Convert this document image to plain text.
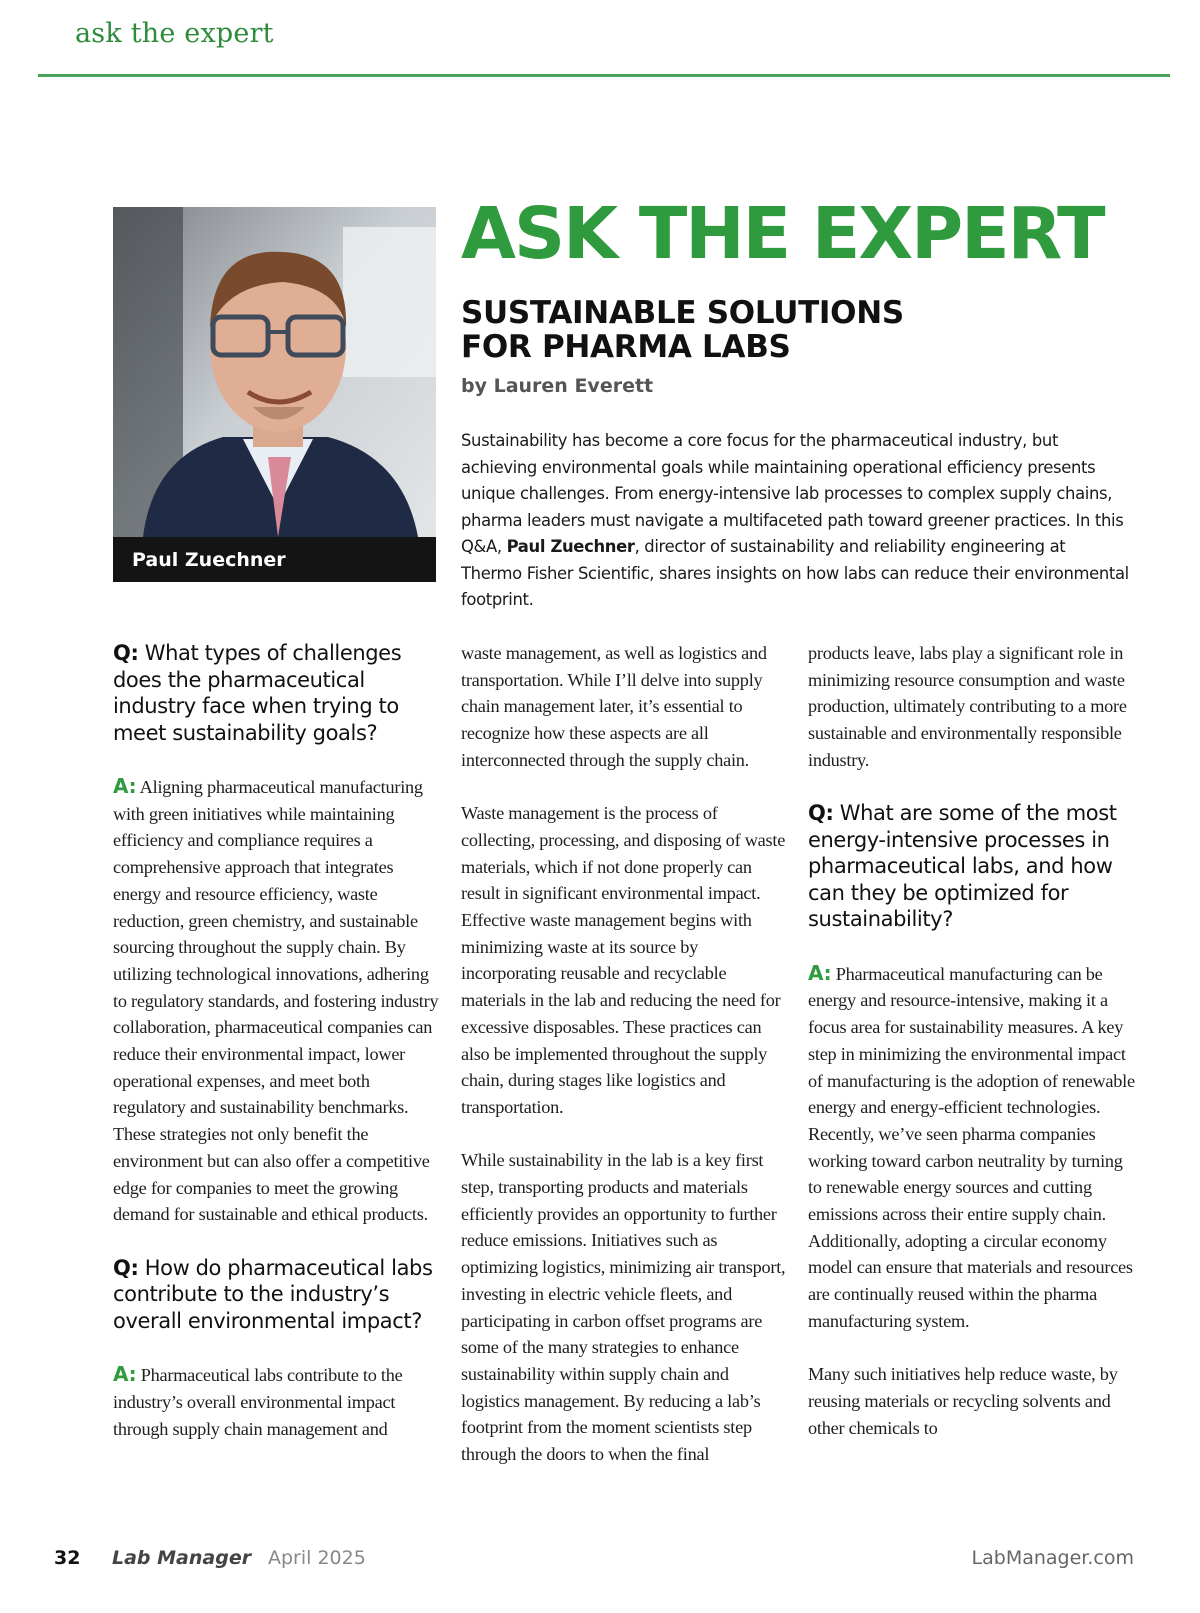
ask the expert
Paul Zuechner
ASK THE EXPERT
SUSTAINABLE SOLUTIONS
FOR PHARMA LABS
by Lauren Everett
Sustainability has become a core focus for the pharmaceutical industry, but achieving environmental goals while maintaining operational efficiency presents unique challenges. From energy-intensive lab processes to complex supply chains, pharma leaders must navigate a multifaceted path toward greener practices. In this Q&A, Paul Zuechner, director of sustainability and reliability engineering at Thermo Fisher Scientific, shares insights on how labs can reduce their environmental footprint.
Q: What types of challenges does the pharmaceutical industry face when trying to meet sustainability goals?

A: Aligning pharmaceutical manufacturing with green initiatives while maintaining efficiency and compliance requires a comprehensive approach that integrates energy and resource efficiency, waste reduction, green chemistry, and sustainable sourcing throughout the supply chain. By utilizing technological innovations, adhering to regulatory standards, and fostering industry collaboration, pharmaceutical companies can reduce their environmental impact, lower operational expenses, and meet both regulatory and sustainability benchmarks. These strategies not only benefit the environment but can also offer a competitive edge for companies to meet the growing demand for sustainable and ethical products.

Q: How do pharmaceutical labs contribute to the industry’s overall environmental impact?

A: Pharmaceutical labs contribute to the industry’s overall environmental impact through supply chain management and

waste management, as well as logistics and transportation. While I’ll delve into supply chain management later, it’s essential to recognize how these aspects are all interconnected through the supply chain.

Waste management is the process of collecting, processing, and disposing of waste materials, which if not done properly can result in significant environmental impact. Effective waste management begins with minimizing waste at its source by incorporating reusable and recyclable materials in the lab and reducing the need for excessive disposables. These practices can also be implemented throughout the supply chain, during stages like logistics and transportation.

While sustainability in the lab is a key first step, transporting products and materials efficiently provides an opportunity to further reduce emissions. Initiatives such as optimizing logistics, minimizing air transport, investing in electric vehicle fleets, and participating in carbon offset programs are some of the many strategies to enhance sustainability within supply chain and logistics management. By reducing a lab’s footprint from the moment scientists step through the doors to when the final

products leave, labs play a significant role in minimizing resource consumption and waste production, ultimately contributing to a more sustainable and environmentally responsible industry.

Q: What are some of the most energy-intensive processes in pharmaceutical labs, and how can they be optimized for sustainability?

A: Pharmaceutical manufacturing can be energy and resource-intensive, making it a focus area for sustainability measures. A key step in minimizing the environmental impact of manufacturing is the adoption of renewable energy and energy-efficient technologies. Recently, we’ve seen pharma companies working toward carbon neutrality by turning to renewable energy sources and cutting emissions across their entire supply chain. Additionally, adopting a circular economy model can ensure that materials and resources are continually reused within the pharma manufacturing system.

Many such initiatives help reduce waste, by reusing materials or recycling solvents and other chemicals to

32 Lab Manager April 2025	LabManager.com
